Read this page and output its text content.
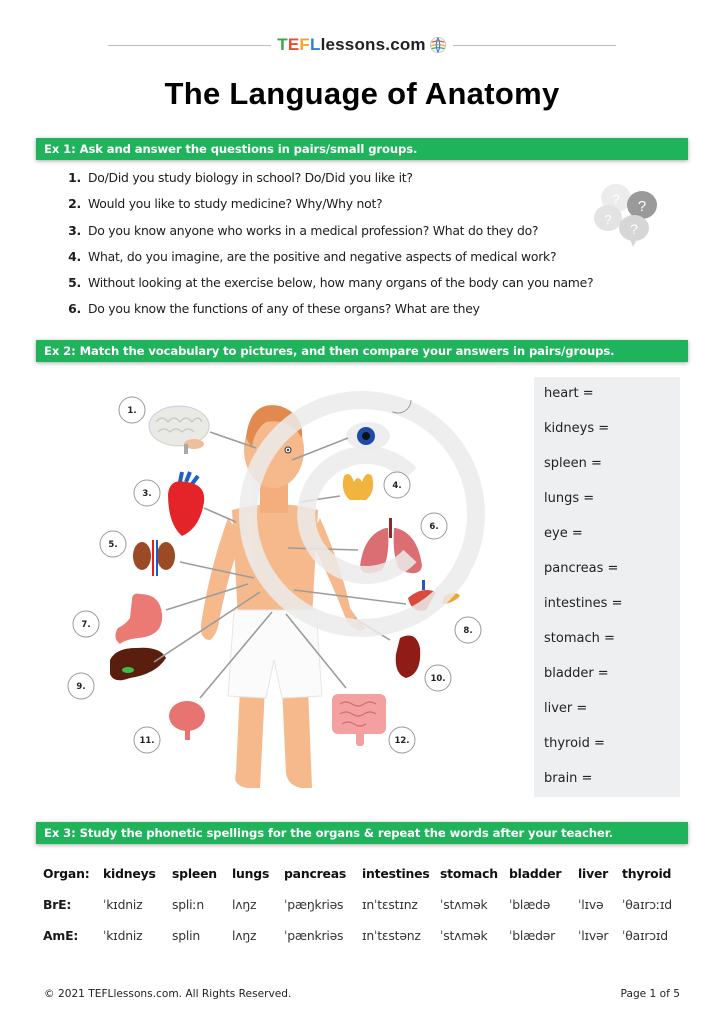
T E F L lessons.com
The Language of Anatomy
Ex 1: Ask and answer the questions in pairs/small groups.
1. Do/Did you study biology in school? Do/Did you like it?
2. Would you like to study medicine? Why/Why not?
3. Do you know anyone who works in a medical profession? What do they do?
4. What, do you imagine, are the positive and negative aspects of medical work?
5. Without looking at the exercise below, how many organs of the body can you name?
6. Do you know the functions of any of these organs? What are they
?
?
?
?
Ex 2: Match the vocabulary to pictures, and then compare your answers in pairs/groups.
1.
3.
4.
5.
6.
7.
8.
9.
10.
11.	12.
heart =
kidneys =
spleen =
lungs =
eye =
pancreas =
intestines =
stomach =
bladder =
liver =
thyroid =
brain =
Ex 3: Study the phonetic spellings for the organs & repeat the words after your teacher.
Organ:	kidneys	spleen	lungs	pancreas	intestines	stomach	bladder	liver	thyroid
BrE:	ˈkɪdniz	spliːn	lʌŋz	ˈpæŋkriəs	ɪnˈtɛstɪnz	ˈstʌmək	ˈblædə	ˈlɪvə	ˈθaɪrɔːɪd
AmE:	ˈkɪdniz	splin	lʌŋz	ˈpænkriəs	ɪnˈtɛstənz	ˈstʌmək	ˈblædər	ˈlɪvər	ˈθaɪrɔɪd
© 2021 TEFLlessons.com. All Rights Reserved.	Page 1 of 5
